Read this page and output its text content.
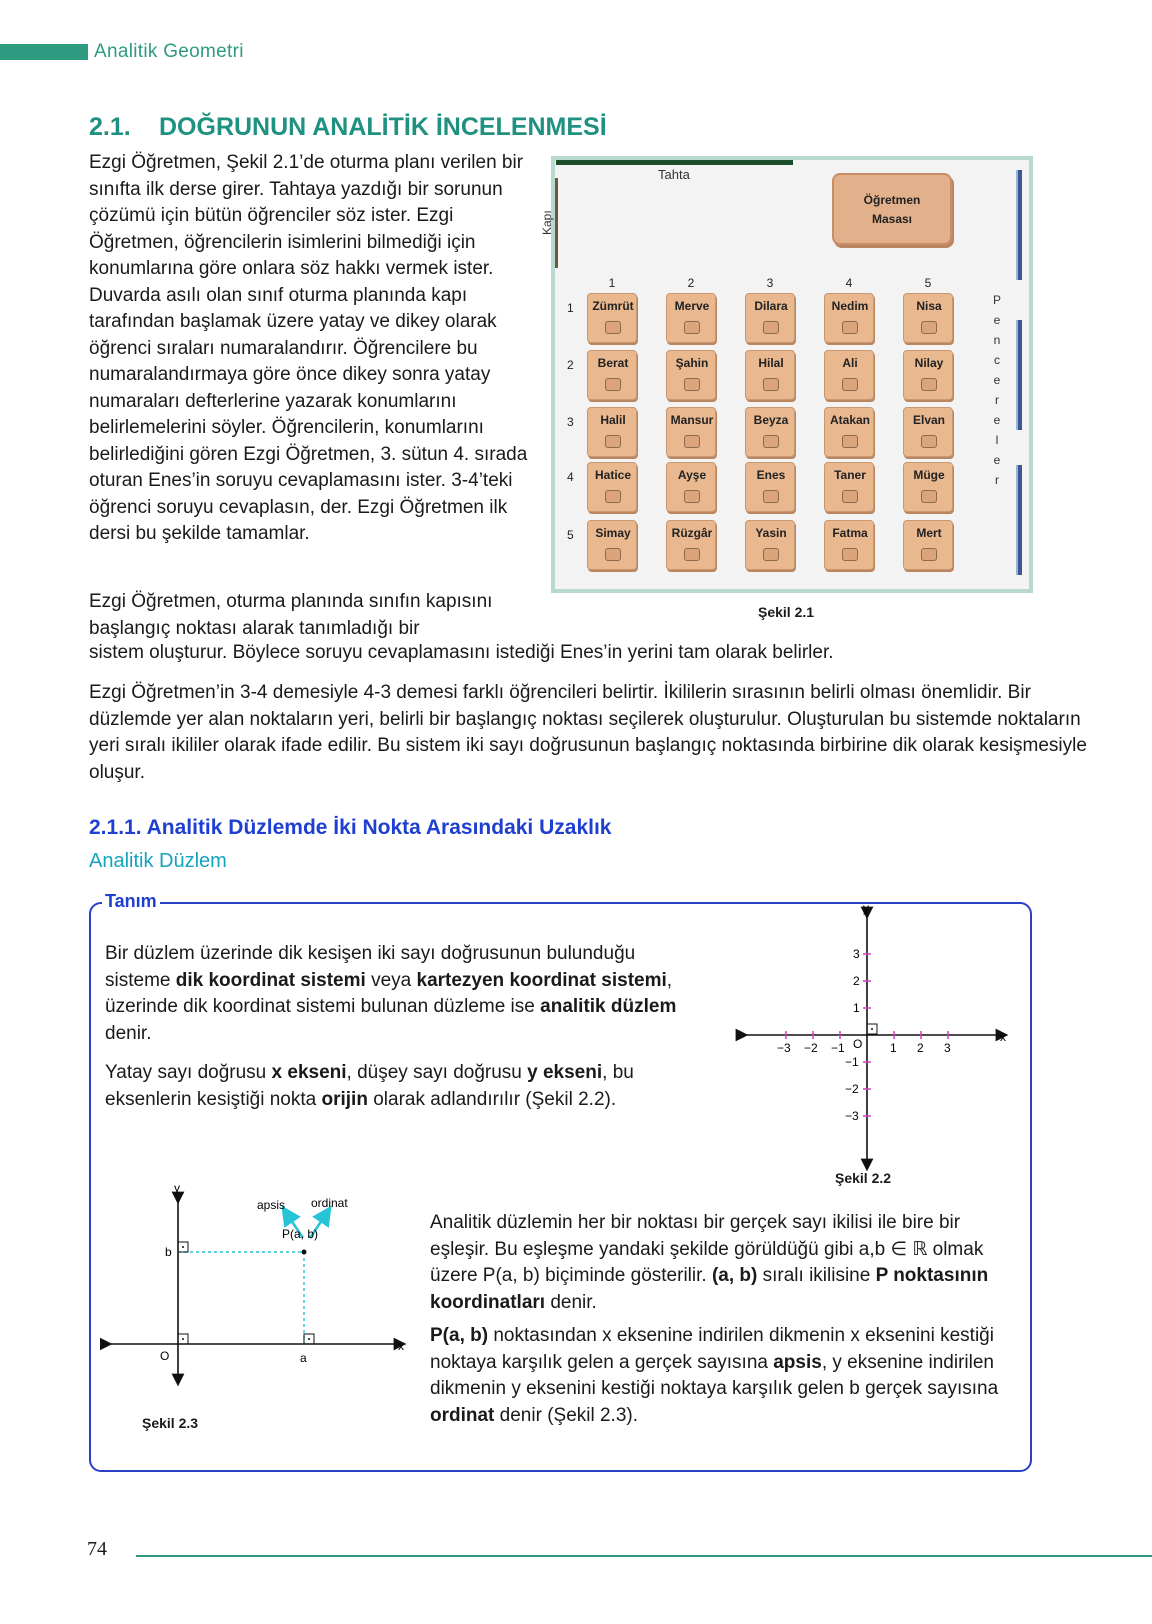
Analitik Geometri
2.1. DOĞRUNUN ANALİTİK İNCELENMESİ
Ezgi Öğretmen, Şekil 2.1’de oturma planı verilen bir sınıfta ilk derse girer. Tahtaya yazdığı bir sorunun çözümü için bütün öğrenciler söz ister. Ezgi Öğretmen, öğrencilerin isimlerini bilmediği için konumlarına göre onlara söz hakkı vermek ister. Duvarda asılı olan sınıf oturma planında kapı tarafından başlamak üzere yatay ve dikey olarak öğrenci sıraları numaralandırır. Öğrencilere bu numaralandırmaya göre önce dikey sonra yatay numaraları defterlerine yazarak konumlarını belirlemelerini söyler. Öğrencilerin, konumlarını belirlediğini gören Ezgi Öğretmen, 3. sütun 4. sırada oturan Enes’in soruyu cevaplamasını ister. 3-4’teki öğrenci soruyu cevaplasın, der. Ezgi Öğretmen ilk dersi bu şekilde tamamlar.
Tahta
Kapı
P
e
n
c
e
r
e
l
e
r
Öğretmen
Masası
1	2	3	4	5
1	Zümrüt	Merve	Dilara	Nedim	Nisa
2	Berat	Şahin	Hilal	Ali	Nilay
3	Halil	Mansur	Beyza	Atakan	Elvan
4	Hatice	Ayşe	Enes	Taner	Müge
5	Simay	Rüzgâr	Yasin	Fatma	Mert
Şekil 2.1
Ezgi Öğretmen, oturma planında sınıfın kapısını başlangıç noktası alarak tanımladığı bir
sistem oluşturur. Böylece soruyu cevaplamasını istediği Enes’in yerini tam olarak belirler.
Ezgi Öğretmen’in 3-4 demesiyle 4-3 demesi farklı öğrencileri belirtir. İkililerin sırasının belirli olması önemlidir. Bir düzlemde yer alan noktaların yeri, belirli bir başlangıç noktası seçilerek oluşturulur. Oluşturulan bu sistemde noktaların yeri sıralı ikililer olarak ifade edilir. Bu sistem iki sayı doğrusunun başlangıç noktasında birbirine dik olarak kesişmesiyle oluşur.
2.1.1. Analitik Düzlemde İki Nokta Arasındaki Uzaklık
Analitik Düzlem
Tanım
Bir düzlem üzerinde dik kesişen iki sayı doğrusunun bulunduğu sisteme dik koordinat sistemi veya kartezyen koordinat sistemi, üzerinde dik koordinat sistemi bulunan düzleme ise analitik düzlem denir.
Yatay sayı doğrusu x ekseni, düşey sayı doğrusu y ekseni, bu eksenlerin kesiştiği nokta orijin olarak adlandırılır (Şekil 2.2).
−3 −2 −1	1 2 3
3
2
1
−1
−2
−3
y
x
O
Şekil 2.2
y
x
O
b
a
P(a, b)
apsis ordinat
Şekil 2.3
Analitik düzlemin her bir noktası bir gerçek sayı ikilisi ile bire bir eşleşir. Bu eşleşme yandaki şekilde görüldüğü gibi a,b ∈ ℝ olmak üzere P(a, b) biçiminde gösterilir. (a, b) sıralı ikilisine P noktasının koordinatları denir.
P(a, b) noktasından x eksenine indirilen dikmenin x eksenini kestiği noktaya karşılık gelen a gerçek sayısına apsis, y eksenine indirilen dikmenin y eksenini kestiği noktaya karşılık gelen b gerçek sayısına ordinat denir (Şekil 2.3).
74
